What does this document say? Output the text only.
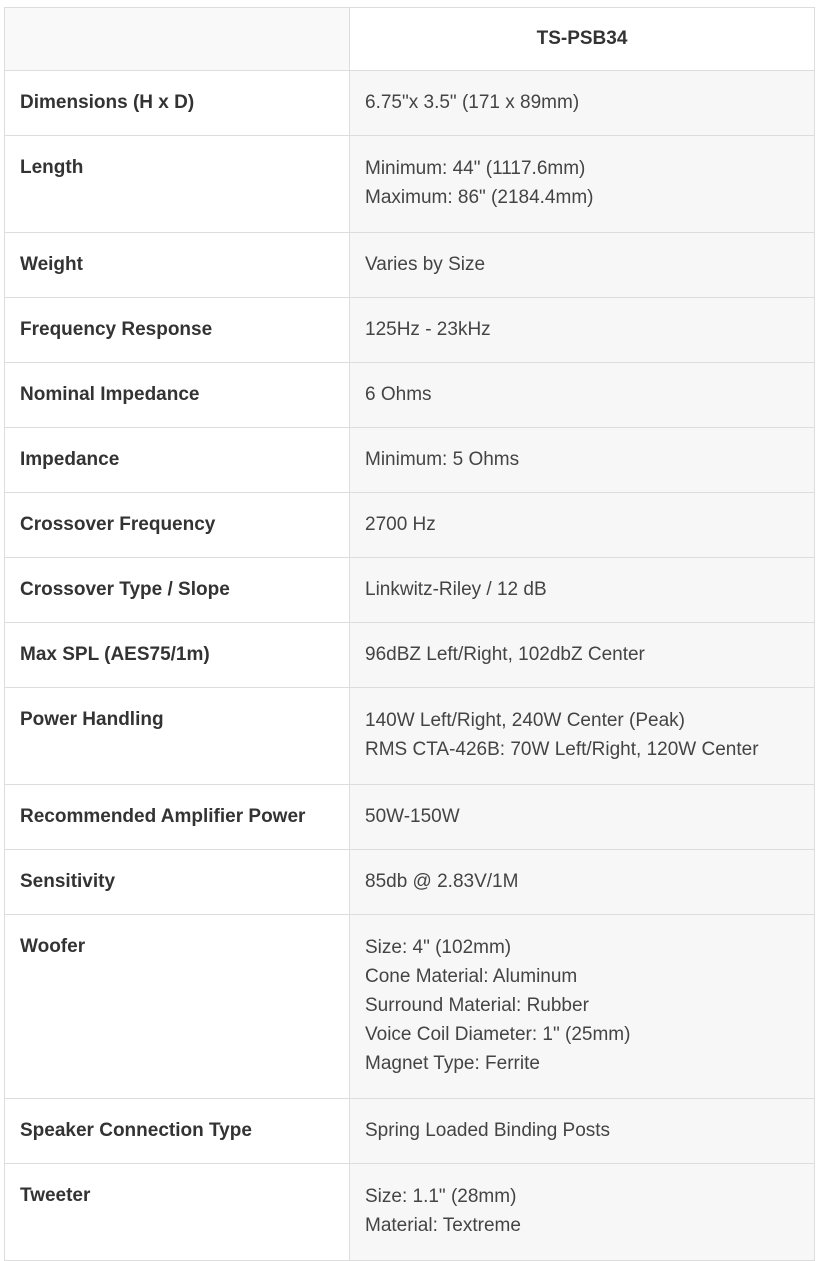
	TS-PSB34
Dimensions (H x D)	6.75"x 3.5" (171 x 89mm)

Length	Minimum: 44" (1117.6mm)
Maximum: 86" (2184.4mm)

Weight	Varies by Size

Frequency Response	125Hz - 23kHz

Nominal Impedance	6 Ohms

Impedance	Minimum: 5 Ohms

Crossover Frequency	2700 Hz

Crossover Type / Slope	Linkwitz-Riley / 12 dB

Max SPL (AES75/1m)	96dBZ Left/Right, 102dbZ Center

Power Handling	140W Left/Right, 240W Center (Peak)
RMS CTA-426B: 70W Left/Right, 120W Center

Recommended Amplifier Power	50W-150W

Sensitivity	85db @ 2.83V/1M

Woofer	Size: 4" (102mm)
Cone Material: Aluminum
Surround Material: Rubber
Voice Coil Diameter: 1" (25mm)
Magnet Type: Ferrite

Speaker Connection Type	Spring Loaded Binding Posts

Tweeter	Size: 1.1" (28mm)
Material: Textreme
